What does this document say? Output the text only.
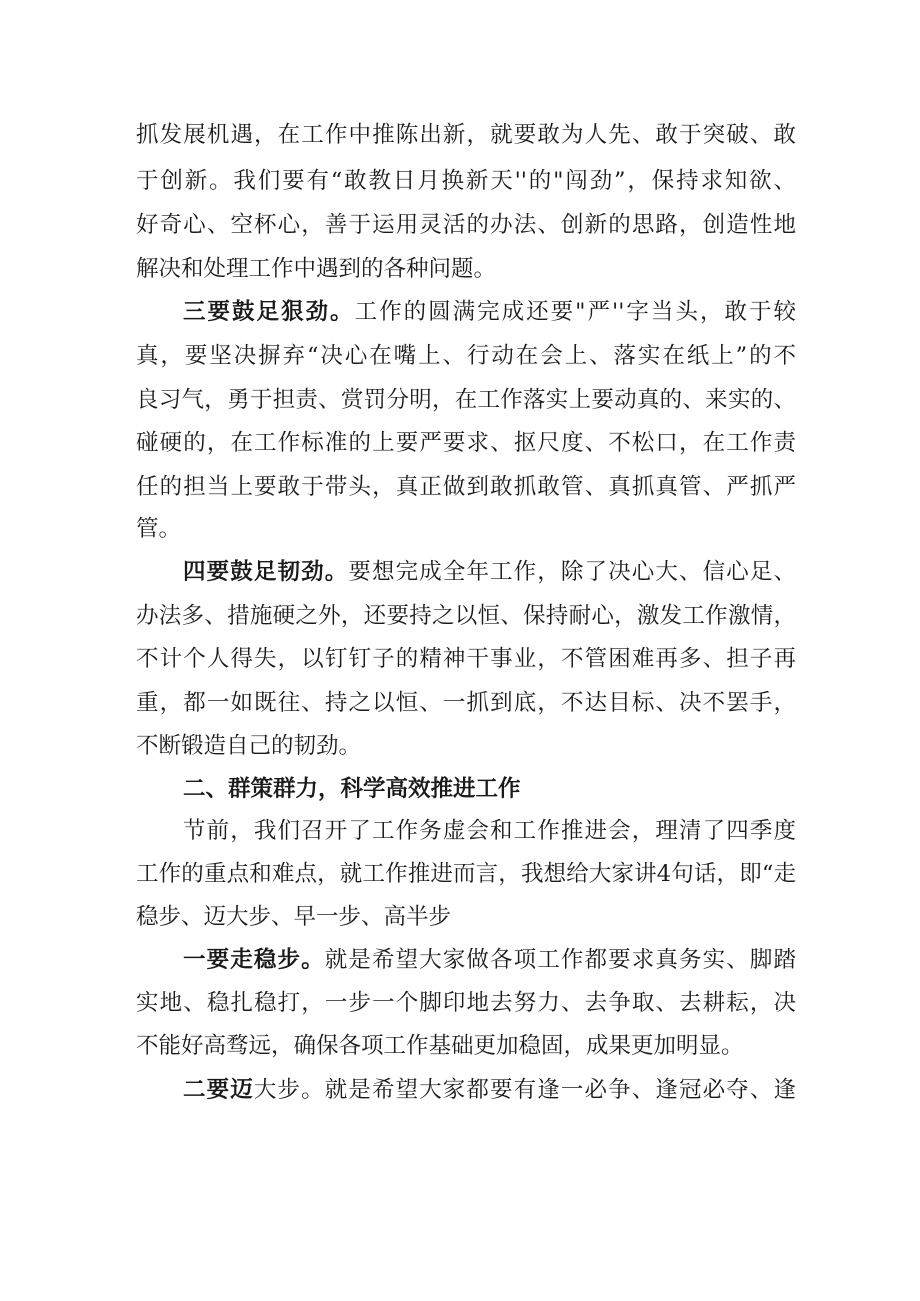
抓发展机遇，在工作中推陈出新，就要敢为人先、敢于突破、敢
于创新。我们要有“敢教日月换新天''的"闯劲”，保持求知欲、
好奇心、空杯心，善于运用灵活的办法、创新的思路，创造性地
解决和处理工作中遇到的各种问题。
三要鼓足狠劲。工作的圆满完成还要"严''字当头，敢于较
真，要坚决摒弃“决心在嘴上、行动在会上、落实在纸上”的不
良习气，勇于担责、赏罚分明，在工作落实上要动真的、来实的、
碰硬的，在工作标准的上要严要求、抠尺度、不松口，在工作责
任的担当上要敢于带头，真正做到敢抓敢管、真抓真管、严抓严
管。
四要鼓足韧劲。要想完成全年工作，除了决心大、信心足、
办法多、措施硬之外，还要持之以恒、保持耐心，激发工作激情，
不计个人得失，以钉钉子的精神干事业，不管困难再多、担子再
重，都一如既往、持之以恒、一抓到底，不达目标、决不罢手，
不断锻造自己的韧劲。
二、群策群力，科学高效推进工作
节前，我们召开了工作务虚会和工作推进会，理清了四季度
工作的重点和难点，就工作推进而言，我想给大家讲4句话，即“走
稳步、迈大步、早一步、高半步
一要走稳步。就是希望大家做各项工作都要求真务实、脚踏
实地、稳扎稳打，一步一个脚印地去努力、去争取、去耕耘，决
不能好高骛远，确保各项工作基础更加稳固，成果更加明显。
二要迈大步。就是希望大家都要有逢一必争、逢冠必夺、逢
